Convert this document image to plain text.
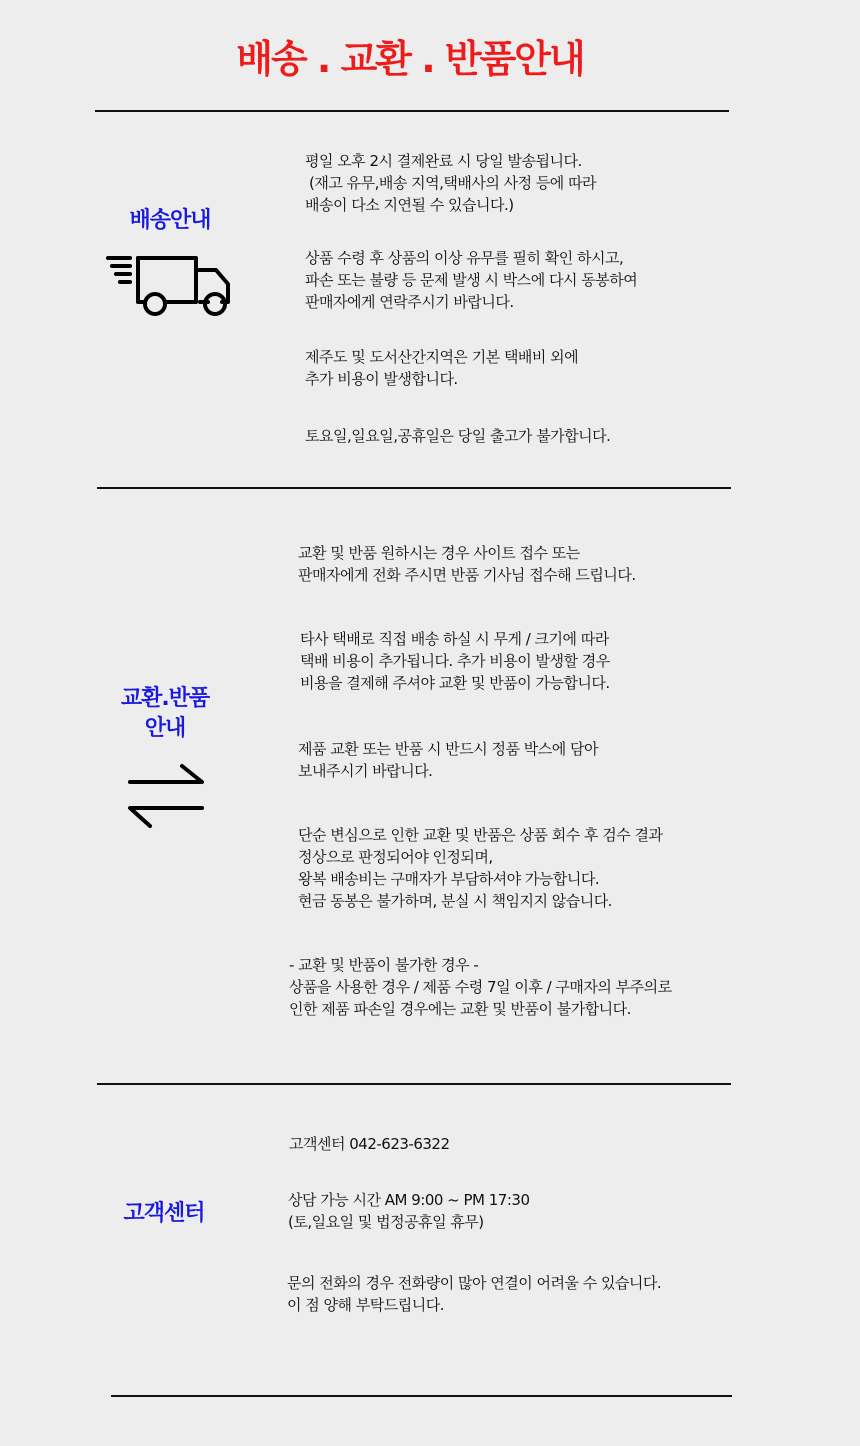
배송 . 교환 . 반품안내
배송안내
평일 오후 2시 결제완료 시 당일 발송됩니다.
(재고 유무,배송 지역,택배사의 사정 등에 따라
배송이 다소 지연될 수 있습니다.)
상품 수령 후 상품의 이상 유무를 필히 확인 하시고,
파손 또는 불량 등 문제 발생 시 박스에 다시 동봉하여
판매자에게 연락주시기 바랍니다.
제주도 및 도서산간지역은 기본 택배비 외에
추가 비용이 발생합니다.
토요일,일요일,공휴일은 당일 출고가 불가합니다.
교환.반품
안내
교환 및 반품 원하시는 경우 사이트 접수 또는
판매자에게 전화 주시면 반품 기사님 접수해 드립니다.
타사 택배로 직접 배송 하실 시 무게 / 크기에 따라
택배 비용이 추가됩니다. 추가 비용이 발생할 경우
비용을 결제해 주셔야 교환 및 반품이 가능합니다.
제품 교환 또는 반품 시 반드시 정품 박스에 담아
보내주시기 바랍니다.
단순 변심으로 인한 교환 및 반품은 상품 회수 후 검수 결과
정상으로 판정되어야 인정되며,
왕복 배송비는 구매자가 부담하셔야 가능합니다.
현금 동봉은 불가하며, 분실 시 책임지지 않습니다.
- 교환 및 반품이 불가한 경우 -
상품을 사용한 경우 / 제품 수령 7일 이후 / 구매자의 부주의로
인한 제품 파손일 경우에는 교환 및 반품이 불가합니다.
고객센터
고객센터 042-623-6322
상담 가능 시간 AM 9:00 ~ PM 17:30
(토,일요일 및 법정공휴일 휴무)
문의 전화의 경우 전화량이 많아 연결이 어려울 수 있습니다.
이 점 양해 부탁드립니다.
